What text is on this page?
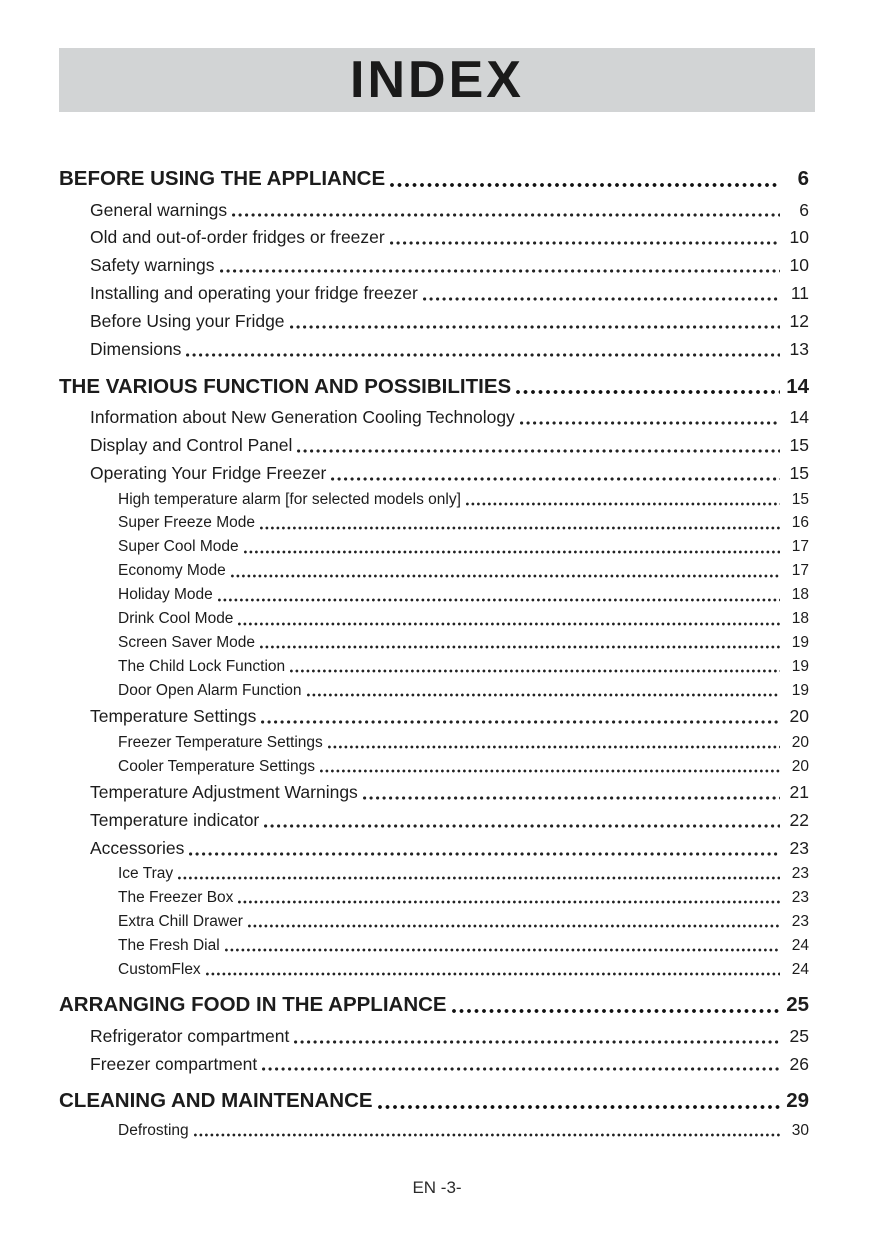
INDEX
BEFORE USING THE APPLIANCE	6
General warnings	6
Old and out-of-order fridges or freezer	10
Safety warnings	10
Installing and operating your fridge freezer	11
Before Using your Fridge	12
Dimensions	13
THE VARIOUS FUNCTION AND POSSIBILITIES	14
Information about New Generation Cooling Technology	14
Display and Control Panel	15
Operating Your Fridge Freezer	15
High temperature alarm [for selected models only]	15
Super Freeze Mode	16
Super Cool Mode	17
Economy Mode	17
Holiday Mode	18
Drink Cool Mode	18
Screen Saver Mode	19
The Child Lock Function	19
Door Open Alarm Function	19
Temperature Settings	20
Freezer Temperature Settings	20
Cooler Temperature Settings	20
Temperature Adjustment Warnings	21
Temperature indicator	22
Accessories	23
Ice Tray	23
The Freezer Box	23
Extra Chill Drawer	23
The Fresh Dial	24
CustomFlex	24
ARRANGING FOOD IN THE APPLIANCE	25
Refrigerator compartment	25
Freezer compartment	26
CLEANING AND MAINTENANCE	29
Defrosting	30
EN -3-
